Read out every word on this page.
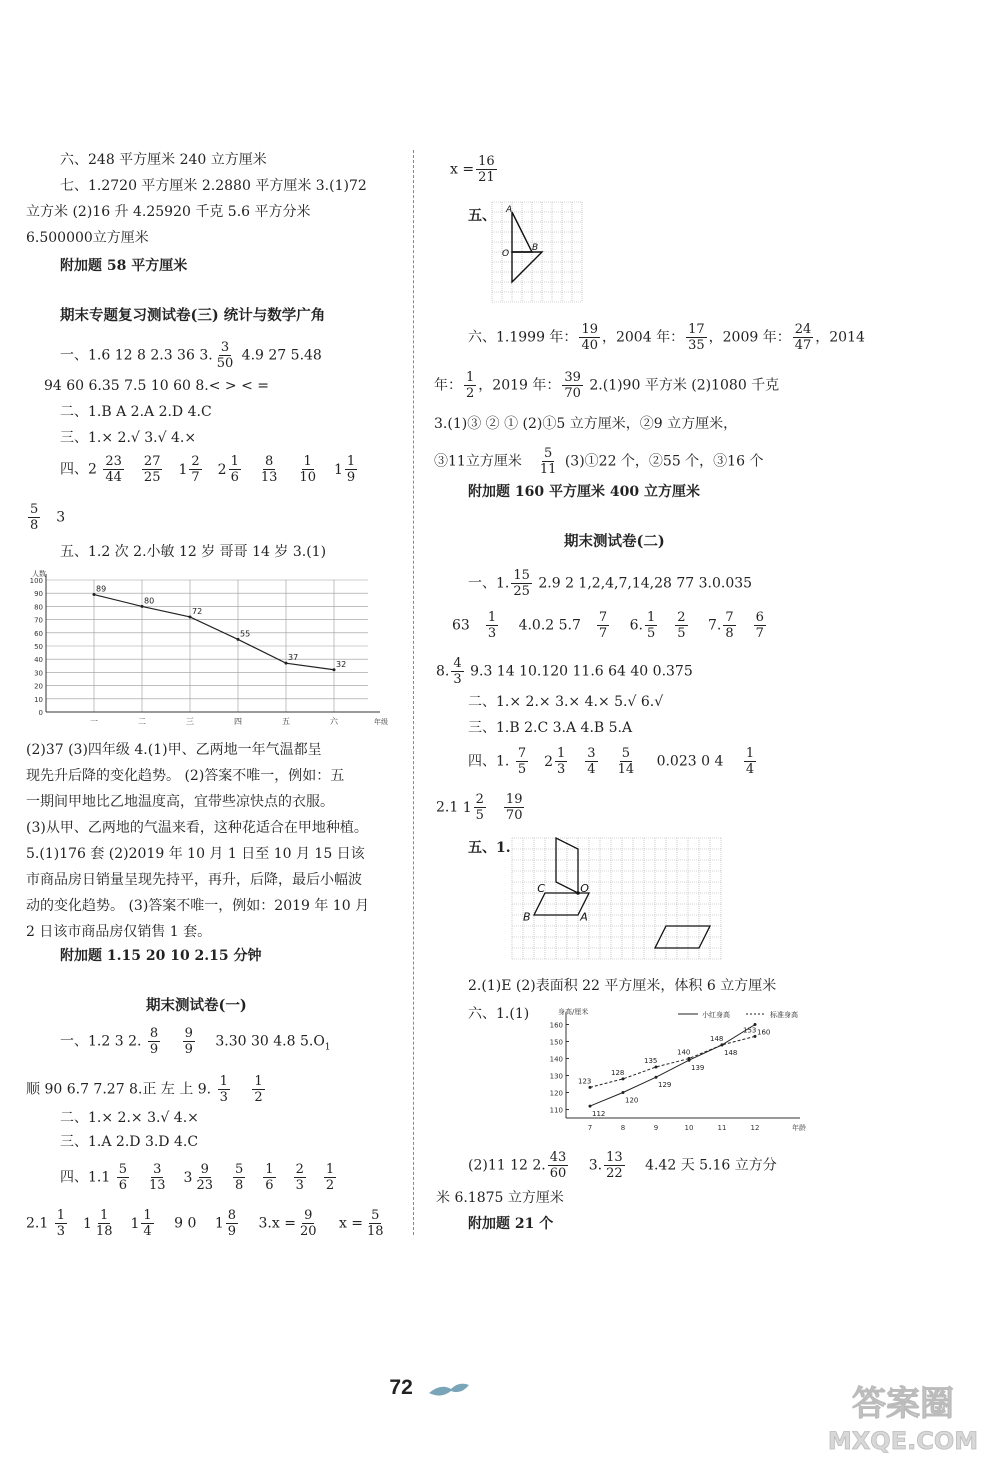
六、248 平方厘米 240 立方厘米
七、1.2720 平方厘米 2.2880 平方厘米 3.(1)72
立方米 (2)16 升 4.25920 千克 5.6 平方分米
6.500000立方厘米
附加题 58 平方厘米
期末专题复习测试卷(三) 统计与数学广角
一、1.6 12 8 2.3 36 3. $\frac{3}{50} 4.9$ 27 5.48
94 60 6.35 7.5 10 60 8.< > < =
二、1.B A 2.A 2.D 4.C
三、1.× 2.√ 3.√ 4.×
四、$2 \frac{23}{44} \frac{27}{25} 1 \frac{2}{7} 2 \frac{1}{6} \frac{8}{13} \frac{1}{10} 1 \frac{1}{9}$
$\frac{5}{8} 3$
五、1.2 次 2.小敏 12 岁 哥哥 14 岁 3.(1)
0
10
20
30
40
50
60
70
80
90
100
一	二	三	四	五	六
人数
年级
89
80
72
55
37
32
(2)37 (3)四年级 4.(1)甲、乙两地一年气温都呈
现先升后降的变化趋势。 (2)答案不唯一，例如：五
一期间甲地比乙地温度高，宜带些凉快点的衣服。
(3)从甲、乙两地的气温来看，这种花适合在甲地种植。
5.(1)176 套 (2)2019 年 10 月 1 日至 10 月 15 日该
市商品房日销量呈现先持平，再升，后降，最后小幅波
动的变化趋势。 (3)答案不唯一，例如：2019 年 10 月
2 日该市商品房仅销售 1 套。
附加题 1.15 20 10 2.15 分钟
期末测试卷(一)
一、1.2 3 2. $\frac{8}{9}$
$\frac{9}{9} 3.30$ 30 4.8 $5.O_1$
顺 90 6.7 7.27 8.正 左 上 9. $\frac{1}{3}$
$\frac{1}{2}$
二、1.× 2.× 3.√ 4.×
三、1.A 2.D 3.D 4.C
四、$1.1 \frac{5}{6} \frac{3}{13} 3 \frac{9}{23} \frac{5}{8} \frac{1}{6} \frac{2}{3} \frac{1}{2}$
$2.1 \frac{1}{3} 1 \frac{1}{18} 1 \frac{1}{4} 9$ 0 $1 \frac{8}{9} 3.x = \frac{9}{20}$ $x = \frac{5}{18}$
$x = \frac{16}{21}$
五、 A
B
O
六、1.1999 年： $\frac{19}{40}$ ，2004 年： $\frac{17}{35}$ ，2009 年： $\frac{24}{47}$ ，2014
年： $\frac{1}{2}$ ，2019 年： $\frac{39}{70} 2.(1)90$ 平方米 (2)1080 千克
3.(1)③ ② ① (2)①5 立方厘米，②9 立方厘米，
③11立方厘米 $\frac{5}{11}$ (3)①22 个，②55 个，③16 个
附加题 160 平方厘米 400 立方厘米
期末测试卷(二)
一、1. $\frac{15}{25} 2.9$ 2 1,2,4,7,14,28 77 3.0.035
$63 \frac{1}{3} 4.0.2$ $5.7 \frac{7}{7} 6$. $\frac{1}{5} \frac{2}{5} 7$. $\frac{7}{8} \frac{6}{7}$
8. $\frac{4}{3} 9.3$ 14 10.120 11.6 64 40 0.375
二、1.× 2.× 3.× 4.× 5.√ 6.√
三、1.B 2.C 3.A 4.B 5.A
四、1. $\frac{7}{5} 2 \frac{1}{3} \frac{3}{4} \frac{5}{14} 0.023$ 0 $4 \frac{1}{4}$
2.1 $1 \frac{2}{5} \frac{19}{70}$
五、1.
C	O
B	A
2.(1)E (2)表面积 22 平方厘米，体积 6 立方厘米
六、1.(1)
110
120
130
140
150
160
7	8	9	10	11	12
身高/厘米
年龄
小红身高	标准身高
112
120
129
139
148
160
123
128
135
140
148
153
(2)11 12 2. $\frac{43}{60} 3$. $\frac{13}{22} 4.42$ 天 5.16 立方分
米 6.1875 立方厘米
附加题 21 个
72	答案圈
MXQE.COM
